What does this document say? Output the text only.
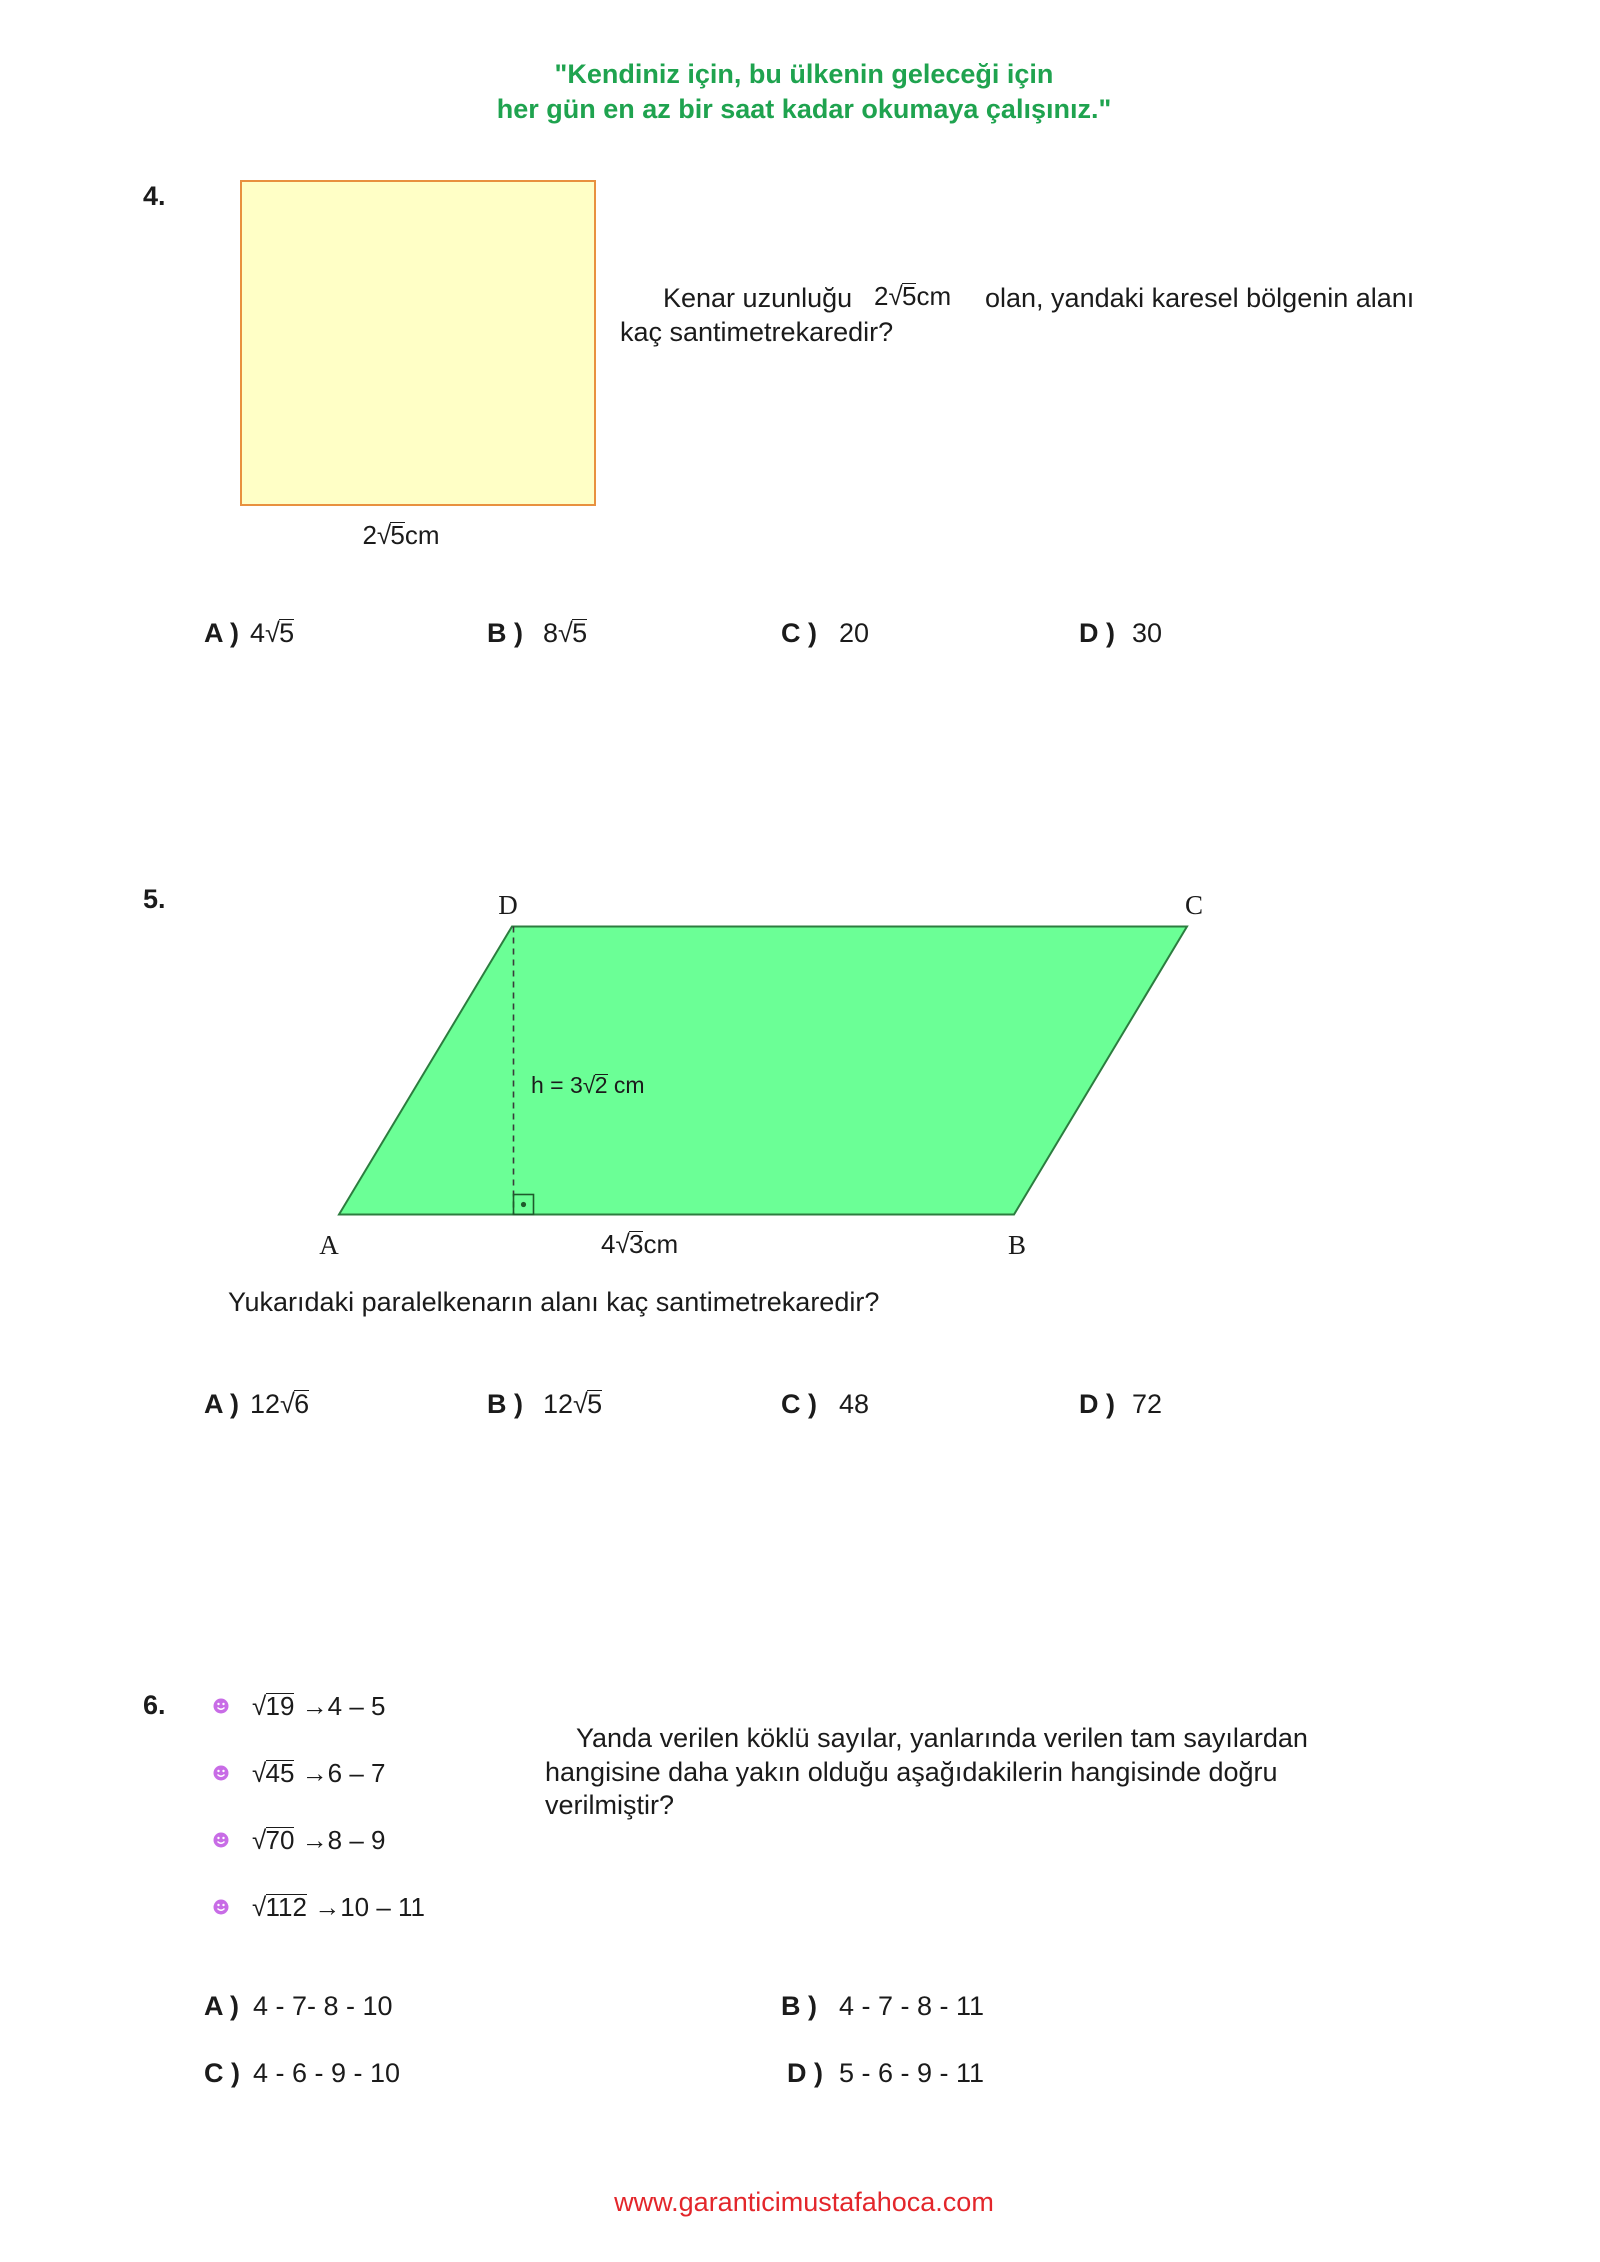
"Kendiniz için, bu ülkenin geleceği için
her gün en az bir saat kadar okumaya çalışınız."
4.
2√5cm
Kenar uzunluğu 2√5cm olan, yandaki karesel bölgenin alanı
kaç santimetrekaredir?
A ) 4√5	B ) 8√5	C ) 20	D ) 30
5.	D	C
A	B
h = 3√2 cm
4√3cm
Yukarıdaki paralelkenarın alanı kaç santimetrekaredir?
A ) 12√6	B ) 12√5	C ) 48	D ) 72
6.	√19 →4 – 5
√45 →6 – 7
√70 →8 – 9
√112 →10 – 11
Yanda verilen köklü sayılar, yanlarında verilen tam sayılardan
hangisine daha yakın olduğu aşağıdakilerin hangisinde doğru
verilmiştir?
A ) 4 - 7- 8 - 10	B ) 4 - 7 - 8 - 11
C ) 4 - 6 - 9 - 10	D ) 5 - 6 - 9 - 11
www.garanticimustafahoca.com
